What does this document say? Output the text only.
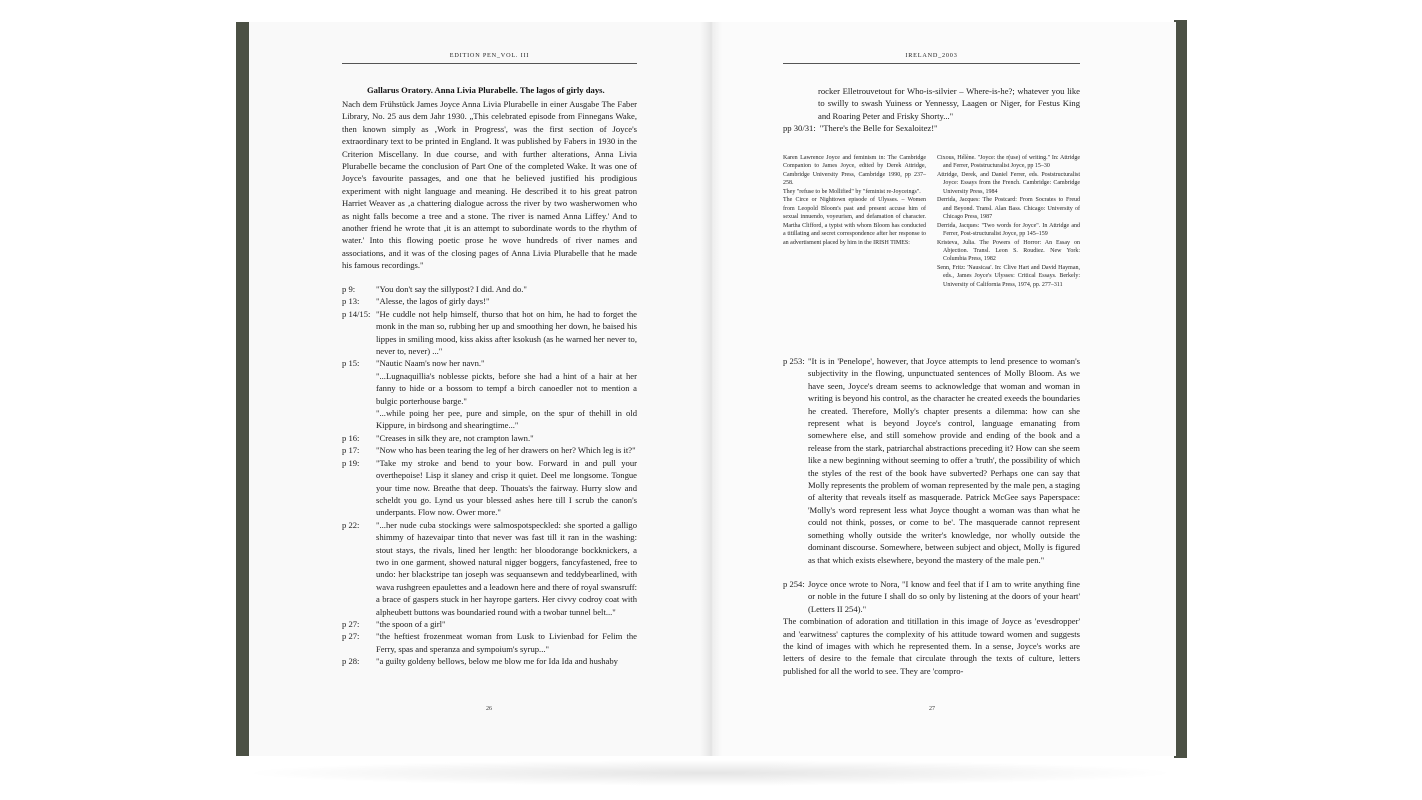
EDITION PEN_VOL. III
Gallarus Oratory. Anna Livia Plurabelle. The lagos of girly days.
Nach dem Frühstück James Joyce Anna Livia Plurabelle in einer Ausgabe The Faber Library, No. 25 aus dem Jahr 1930. „This celebrated episode from Finnegans Wake, then known simply as ‚Work in Progress', was the first section of Joyce's extraordinary text to be printed in England. It was published by Fabers in 1930 in the Criterion Miscellany. In due course, and with further alterations, Anna Livia Plurabelle became the conclusion of Part One of the completed Wake. It was one of Joyce's favourite passages, and one that he believed justified his prodigious experiment with night language and meaning. He described it to his great patron Harriet Weaver as ‚a chattering dialogue across the river by two washerwomen who as night falls become a tree and a stone. The river is named Anna Liffey.' And to another friend he wrote that ‚it is an attempt to subordinate words to the rhythm of water.' Into this flowing poetic prose he wove hundreds of river names and associations, and it was of the closing pages of Anna Livia Plurabelle that he made his famous recordings."
p 9:	"You don't say the sillypost? I did. And do."
p 13:	"Alesse, the lagos of girly days!"
p 14/15: "He cuddle not help himself, thurso that hot on him, he had to forget the monk in the man so, rubbing her up and smoothing her down, he baised his lippes in smiling mood, kiss akiss after ksokush (as he warned her never to, never to, never) ..."
p 15:	"Nautic Naam's now her navn."
"...Lugnaquillia's noblesse pickts, before she had a hint of a hair at her fanny to hide or a bossom to tempf a birch canoedler not to mention a bulgic porterhouse barge."
"...while poing her pee, pure and simple, on the spur of thehill in old Kippure, in birdsong and shearingtime..."
p 16:	"Creases in silk they are, not crampton lawn."
p 17:	"Now who has been tearing the leg of her drawers on her? Which leg is it?"
p 19:	"Take my stroke and bend to your bow. Forward in and pull your overthepoise! Lisp it slaney and crisp it quiet. Deel me longsome. Tongue your time now. Breathe that deep. Thouats's the fairway. Hurry slow and scheldt you go. Lynd us your blessed ashes here till I scrub the canon's underpants. Flow now. Ower more."
p 22:	"...her nude cuba stockings were salmospotspeckled: she sported a galligo shimmy of hazevaipar tinto that never was fast till it ran in the washing: stout stays, the rivals, lined her length: her bloodorange bockknickers, a two in one garment, showed natural nigger boggers, fancyfastened, free to undo: her blackstripe tan joseph was sequansewn and teddybearlined, with wava rushgreen epaulettes and a leadown here and there of royal swansruff: a brace of gaspers stuck in her hayrope garters. Her civvy codroy coat with alpheubett buttons was boundaried round with a twobar tunnel belt..."
p 27:	"the spoon of a girl"
p 27:	"the heftiest frozenmeat woman from Lusk to Livienbad for Felim the Ferry, spas and speranza and sympoium's syrup..."
p 28:	"a guilty goldeny bellows, below me blow me for Ida Ida and hushaby
26
IRELAND_2003
rocker Elletrouvetout for Who-is-silvier – Where-is-he?; whatever you like to swilly to swash Yuiness or Yennessy, Laagen or Niger, for Festus King and Roaring Peter and Frisky Shorty..."
pp 30/31: "There's the Belle for Sexaloitez!"

Karen Lawrence Joyce and feminism in: The Cambridge Companion to James Joyce, edited by Derek Attridge, Cambridge University Press, Cambridge 1990, pp 237–258.

They "refuse to be Mollified" by "feminist re-Joyceings".

The Circe or Nighttown episode of Ulysses. – Women from Leopold Bloom's past and present accuse him of sexual innuendo, voyeurism, and defamation of character. Martha Clifford, a typist with whom Bloom has conducted a titillating and secret correspondence after her response to an advertisment placed by him in the IRISH TIMES:

Cixous, Hélène. "Joyce: the r(use) of writing." In: Attridge and Ferrer, Poststructuralist Joyce, pp 15–30

Attridge, Derek, and Daniel Ferrer, eds. Poststructuralist Joyce: Essays from the French. Cambridge: Cambridge University Press, 1984

Derrida, Jacques: The Postcard: From Socrates to Freud and Beyond. Transl. Alan Bass. Chicago: University of Chicago Press, 1987

Derrida, Jacques: "Two words for Joyce". In Attridge and Ferrer, Post-structuralist Joyce, pp 145–159

Kristeva, Julia. The Powers of Horror: An Essay on Abjection. Transl. Leon S. Roudiez. New York: Columbia Press, 1982

Senn, Fritz: 'Nausicaa'. In: Clive Hart and David Hayman, eds., James Joyce's Ulysses: Critical Essays. Berkely: University of California Press, 1974, pp. 277–311

p 253: "It is in 'Penelope', however, that Joyce attempts to lend presence to woman's subjectivity in the flowing, unpunctuated sentences of Molly Bloom. As we have seen, Joyce's dream seems to acknowledge that woman and woman in writing is beyond his control, as the character he created exeeds the boundaries he created. Therefore, Molly's chapter presents a dilemma: how can she represent what is beyond Joyce's control, language emanating from somewhere else, and still somehow provide and ending of the book and a release from the stark, patriarchal abstractions preceding it? How can she seem like a new beginning without seeming to offer a 'truth', the possibility of which the styles of the rest of the book have subverted? Perhaps one can say that Molly represents the problem of woman represented by the male pen, a staging of alterity that reveals itself as masquerade. Patrick McGee says Paperspace: 'Molly's word represent less what Joyce thought a woman was than what he could not think, posses, or come to be'. The masquerade cannot represent something wholly outside the writer's knowledge, nor wholly outside the dominant discourse. Somewhere, between subject and object, Molly is figured as that which exists elsewhere, beyond the mastery of the male pen."
p 254: Joyce once wrote to Nora, "I know and feel that if I am to write anything fine or noble in the future I shall do so only by listening at the doors of your heart' (Letters II 254)."
The combination of adoration and titillation in this image of Joyce as 'evesdropper' and 'earwitness' captures the complexity of his attitude toward women and suggests the kind of images with which he represented them. In a sense, Joyce's works are letters of desire to the female that circulate through the texts of culture, letters published for all the world to see. They are 'compro-
27
